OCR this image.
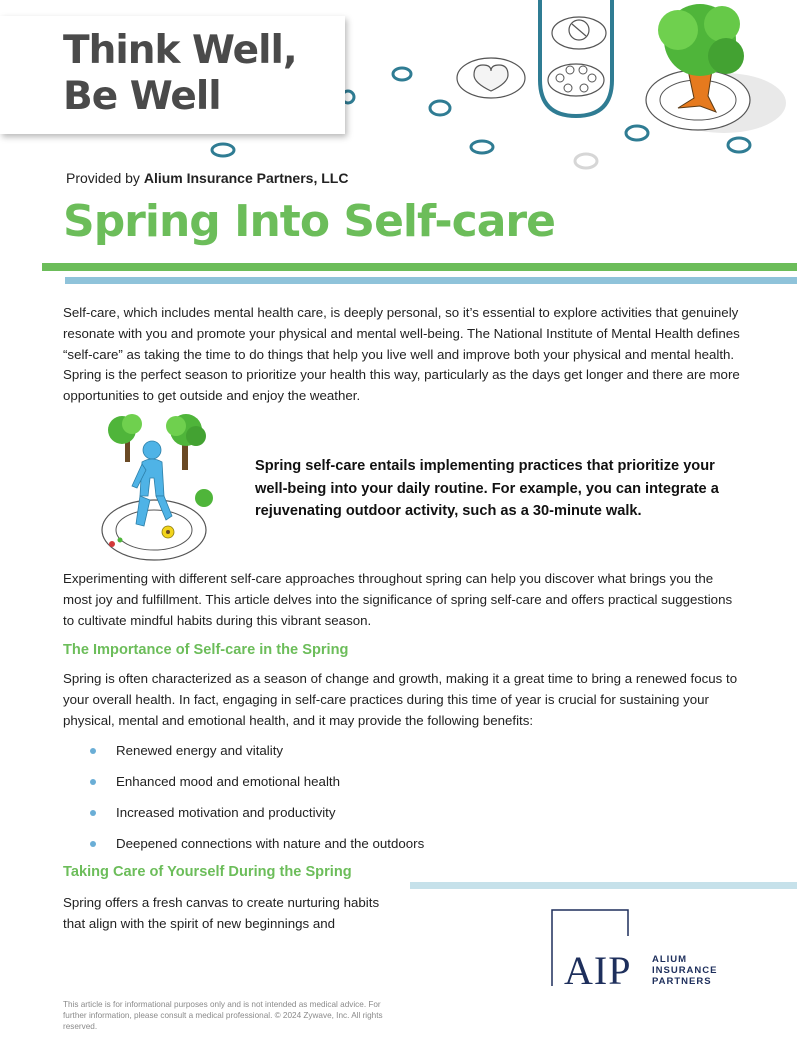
Think Well,
Be Well
Provided by Alium Insurance Partners, LLC
Spring Into Self-care

Self-care, which includes mental health care, is deeply personal, so it’s essential to explore activities that genuinely resonate with you and promote your physical and mental well-being. The National Institute of Mental Health defines “self-care” as taking the time to do things that help you live well and improve both your physical and mental health. Spring is the perfect season to prioritize your health this way, particularly as the days get longer and there are more opportunities to get outside and enjoy the weather.

Spring self-care entails implementing practices that prioritize your well-being into your daily routine. For example, you can integrate a rejuvenating outdoor activity, such as a 30-minute walk.

Experimenting with different self-care approaches throughout spring can help you discover what brings you the most joy and fulfillment. This article delves into the significance of spring self-care and offers practical suggestions to cultivate mindful habits during this vibrant season.

The Importance of Self-care in the Spring

Spring is often characterized as a season of change and growth, making it a great time to bring a renewed focus to your overall health. In fact, engaging in self-care practices during this time of year is crucial for sustaining your physical, mental and emotional health, and it may provide the following benefits:

Renewed energy and vitality
Enhanced mood and emotional health
Increased motivation and productivity
Deepened connections with nature and the outdoors
Taking Care of Yourself During the Spring

Spring offers a fresh canvas to create nurturing habits that align with the spirit of new beginnings and

This article is for informational purposes only and is not intended as medical advice. For further information, please consult a medical professional. © 2024 Zywave, Inc. All rights reserved.

AIP ALIUM
INSURANCE
PARTNERS
